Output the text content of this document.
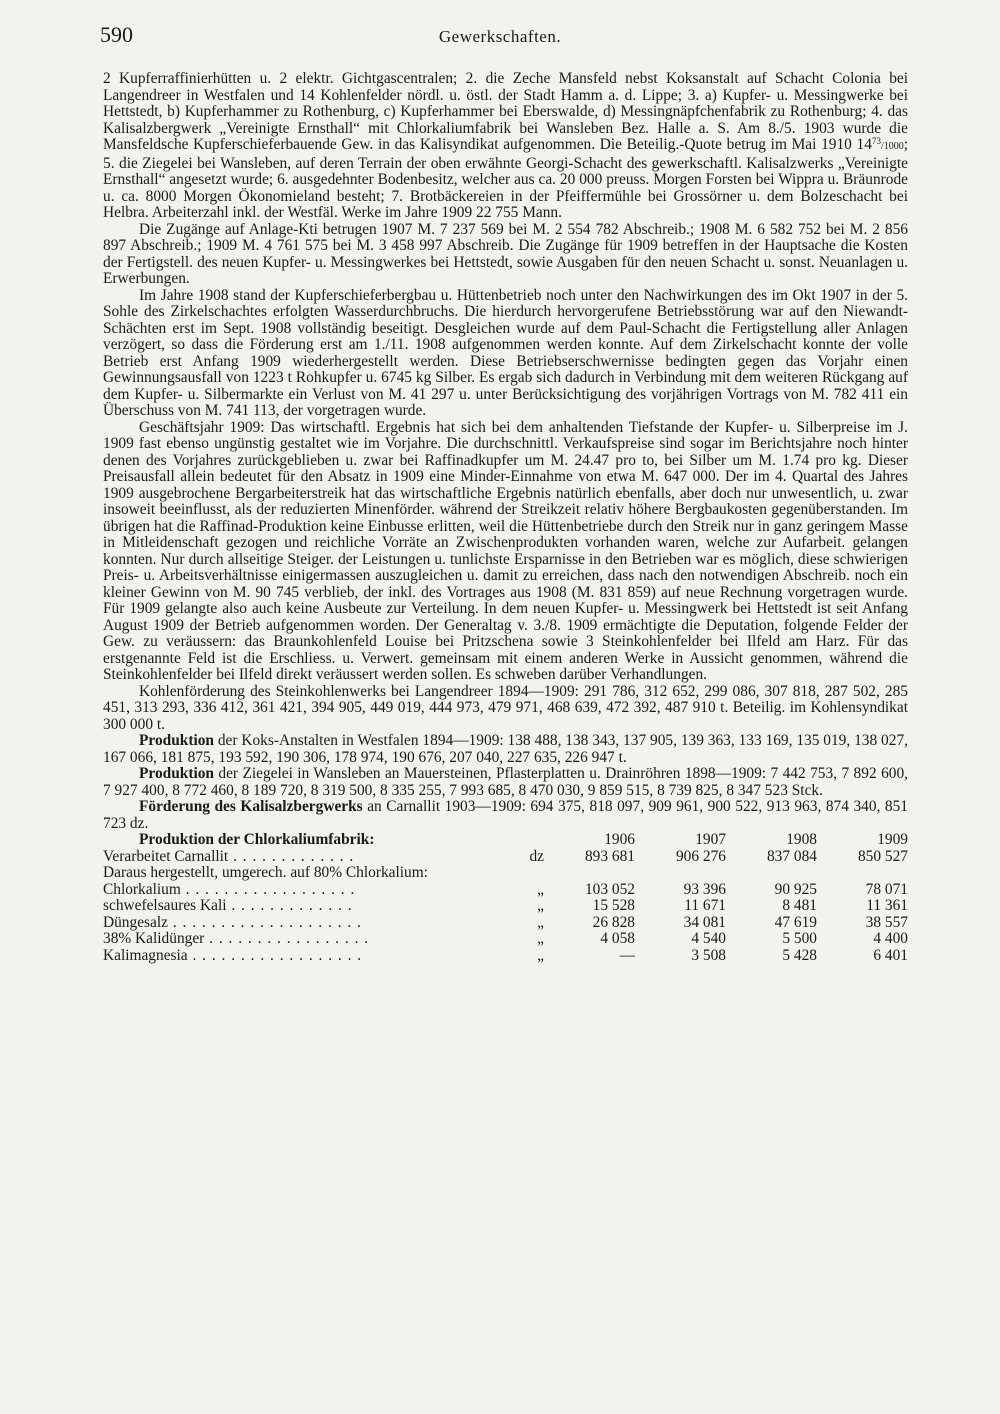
590	Gewerkschaften.

2 Kupferraffinierhütten u. 2 elektr. Gichtgascentralen; 2. die Zeche Mansfeld nebst Koksanstalt auf Schacht Colonia bei Langendreer in Westfalen und 14 Kohlenfelder nördl. u. östl. der Stadt Hamm a. d. Lippe; 3. a) Kupfer- u. Messingwerke bei Hettstedt, b) Kupferhammer zu Rothenburg, c) Kupferhammer bei Eberswalde, d) Messingnäpfchenfabrik zu Rothenburg; 4. das Kalisalzbergwerk „Vereinigte Ernsthall“ mit Chlorkaliumfabrik bei Wansleben Bez. Halle a. S. Am 8./5. 1903 wurde die Mansfeldsche Kupferschieferbauende Gew. in das Kalisyndikat aufgenommen. Die Beteilig.-Quote betrug im Mai 1910 $14^{73}/1000$; 5. die Ziegelei bei Wansleben, auf deren Terrain der oben erwähnte Georgi-Schacht des gewerkschaftl. Kalisalzwerks „Vereinigte Ernsthall“ angesetzt wurde; 6. ausgedehnter Bodenbesitz, welcher aus ca. 20 000 preuss. Morgen Forsten bei Wippra u. Bräunrode u. ca. 8000 Morgen Ökonomieland besteht; 7. Brotbäckereien in der Pfeiffermühle bei Grossörner u. dem Bolzeschacht bei Helbra. Arbeiterzahl inkl. der Westfäl. Werke im Jahre 1909 22 755 Mann.

Die Zugänge auf Anlage-Kti betrugen 1907 M. 7 237 569 bei M. 2 554 782 Abschreib.; 1908 M. 6 582 752 bei M. 2 856 897 Abschreib.; 1909 M. 4 761 575 bei M. 3 458 997 Abschreib. Die Zugänge für 1909 betreffen in der Hauptsache die Kosten der Fertigstell. des neuen Kupfer- u. Messingwerkes bei Hettstedt, sowie Ausgaben für den neuen Schacht u. sonst. Neuanlagen u. Erwerbungen.

Im Jahre 1908 stand der Kupferschieferbergbau u. Hüttenbetrieb noch unter den Nachwirkungen des im Okt 1907 in der 5. Sohle des Zirkelschachtes erfolgten Wasserdurchbruchs. Die hierdurch hervorgerufene Betriebsstörung war auf den Niewandt-Schächten erst im Sept. 1908 vollständig beseitigt. Desgleichen wurde auf dem Paul-Schacht die Fertigstellung aller Anlagen verzögert, so dass die Förderung erst am 1./11. 1908 aufgenommen werden konnte. Auf dem Zirkelschacht konnte der volle Betrieb erst Anfang 1909 wiederhergestellt werden. Diese Betriebserschwernisse bedingten gegen das Vorjahr einen Gewinnungsausfall von 1223 t Rohkupfer u. 6745 kg Silber. Es ergab sich dadurch in Verbindung mit dem weiteren Rückgang auf dem Kupfer- u. Silbermarkte ein Verlust von M. 41 297 u. unter Berücksichtigung des vorjährigen Vortrags von M. 782 411 ein Überschuss von M. 741 113, der vorgetragen wurde.

Geschäftsjahr 1909: Das wirtschaftl. Ergebnis hat sich bei dem anhaltenden Tiefstande der Kupfer- u. Silberpreise im J. 1909 fast ebenso ungünstig gestaltet wie im Vorjahre. Die durchschnittl. Verkaufspreise sind sogar im Berichtsjahre noch hinter denen des Vorjahres zurückgeblieben u. zwar bei Raffinadkupfer um M. 24.47 pro to, bei Silber um M. 1.74 pro kg. Dieser Preisausfall allein bedeutet für den Absatz in 1909 eine Minder-Einnahme von etwa M. 647 000. Der im 4. Quartal des Jahres 1909 ausgebrochene Bergarbeiterstreik hat das wirtschaftliche Ergebnis natürlich ebenfalls, aber doch nur unwesentlich, u. zwar insoweit beeinflusst, als der reduzierten Minenförder. während der Streikzeit relativ höhere Bergbaukosten gegenüberstanden. Im übrigen hat die Raffinad-Produktion keine Einbusse erlitten, weil die Hüttenbetriebe durch den Streik nur in ganz geringem Masse in Mitleidenschaft gezogen und reichliche Vorräte an Zwischenprodukten vorhanden waren, welche zur Aufarbeit. gelangen konnten. Nur durch allseitige Steiger. der Leistungen u. tunlichste Ersparnisse in den Betrieben war es möglich, diese schwierigen Preis- u. Arbeitsverhältnisse einigermassen auszugleichen u. damit zu erreichen, dass nach den notwendigen Abschreib. noch ein kleiner Gewinn von M. 90 745 verblieb, der inkl. des Vortrages aus 1908 (M. 831 859) auf neue Rechnung vorgetragen wurde. Für 1909 gelangte also auch keine Ausbeute zur Verteilung. In dem neuen Kupfer- u. Messingwerk bei Hettstedt ist seit Anfang August 1909 der Betrieb aufgenommen worden. Der Generaltag v. 3./8. 1909 ermächtigte die Deputation, folgende Felder der Gew. zu veräussern: das Braunkohlenfeld Louise bei Pritzschena sowie 3 Steinkohlenfelder bei Ilfeld am Harz. Für das erstgenannte Feld ist die Erschliess. u. Verwert. gemeinsam mit einem anderen Werke in Aussicht genommen, während die Steinkohlenfelder bei Ilfeld direkt veräussert werden sollen. Es schweben darüber Verhandlungen.

Kohlenförderung des Steinkohlenwerks bei Langendreer 1894—1909: 291 786, 312 652, 299 086, 307 818, 287 502, 285 451, 313 293, 336 412, 361 421, 394 905, 449 019, 444 973, 479 971, 468 639, 472 392, 487 910 t. Beteilig. im Kohlensyndikat 300 000 t.

Produktion der Koks-Anstalten in Westfalen 1894—1909: 138 488, 138 343, 137 905, 139 363, 133 169, 135 019, 138 027, 167 066, 181 875, 193 592, 190 306, 178 974, 190 676, 207 040, 227 635, 226 947 t.

Produktion der Ziegelei in Wansleben an Mauersteinen, Pflasterplatten u. Drainröhren 1898—1909: 7 442 753, 7 892 600, 7 927 400, 8 772 460, 8 189 720, 8 319 500, 8 335 255, 7 993 685, 8 470 030, 9 859 515, 8 739 825, 8 347 523 Stck.

Förderung des Kalisalzbergwerks an Carnallit 1903—1909: 694 375, 818 097, 909 961, 900 522, 913 963, 874 340, 851 723 dz.

Produktion der Chlorkaliumfabrik:		1906	1907	1908	1909
Verarbeitet Carnallit . . . . . . . . . . . . .	dz	893 681	906 276	837 084	850 527
Daraus hergestellt, umgerech. auf 80% Chlorkalium:					
Chlorkalium . . . . . . . . . . . . . . . . . .	„	103 052	93 396	90 925	78 071
schwefelsaures Kali . . . . . . . . . . . . .	„	15 528	11 671	8 481	11 361
Düngesalz . . . . . . . . . . . . . . . . . . . .	„	26 828	34 081	47 619	38 557
38% Kalidünger . . . . . . . . . . . . . . . . .	„	4 058	4 540	5 500	4 400
Kalimagnesia . . . . . . . . . . . . . . . . . .	„	—	3 508	5 428	6 401
